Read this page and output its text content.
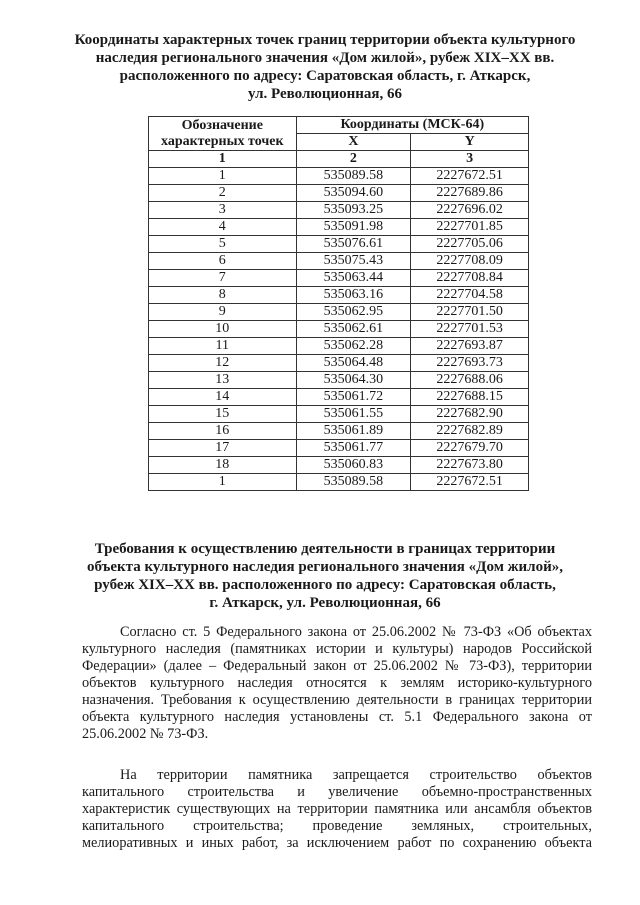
Координаты характерных точек границ территории объекта культурного
наследия регионального значения «Дом жилой», рубеж XIX–XX вв.
расположенного по адресу: Саратовская область, г. Аткарск,
ул. Революционная, 66
Обозначение характерных точек	Координаты (МСК-64)	
	X	Y
1	2	3
1	535089.58	2227672.51
2	535094.60	2227689.86
3	535093.25	2227696.02
4	535091.98	2227701.85
5	535076.61	2227705.06
6	535075.43	2227708.09
7	535063.44	2227708.84
8	535063.16	2227704.58
9	535062.95	2227701.50
10	535062.61	2227701.53
11	535062.28	2227693.87
12	535064.48	2227693.73
13	535064.30	2227688.06
14	535061.72	2227688.15
15	535061.55	2227682.90
16	535061.89	2227682.89
17	535061.77	2227679.70
18	535060.83	2227673.80
1	535089.58	2227672.51
Требования к осуществлению деятельности в границах территории
объекта культурного наследия регионального значения «Дом жилой»,
рубеж XIX–XX вв. расположенного по адресу: Саратовская область,
г. Аткарск, ул. Революционная, 66
Согласно ст. 5 Федерального закона от 25.06.2002 № 73-ФЗ «Об объектах
культурного наследия (памятниках истории и культуры) народов Российской
Федерации» (далее – Федеральный закон от 25.06.2002 № 73-ФЗ), территории
объектов культурного наследия относятся к землям историко-культурного
назначения. Требования к осуществлению деятельности в границах территории
объекта культурного наследия установлены ст. 5.1 Федерального закона от
25.06.2002 № 73-ФЗ.
На территории памятника запрещается строительство объектов
капитального строительства и увеличение объемно-пространственных
характеристик существующих на территории памятника или ансамбля объектов
капитального строительства; проведение земляных, строительных,
мелиоративных и иных работ, за исключением работ по сохранению объекта
